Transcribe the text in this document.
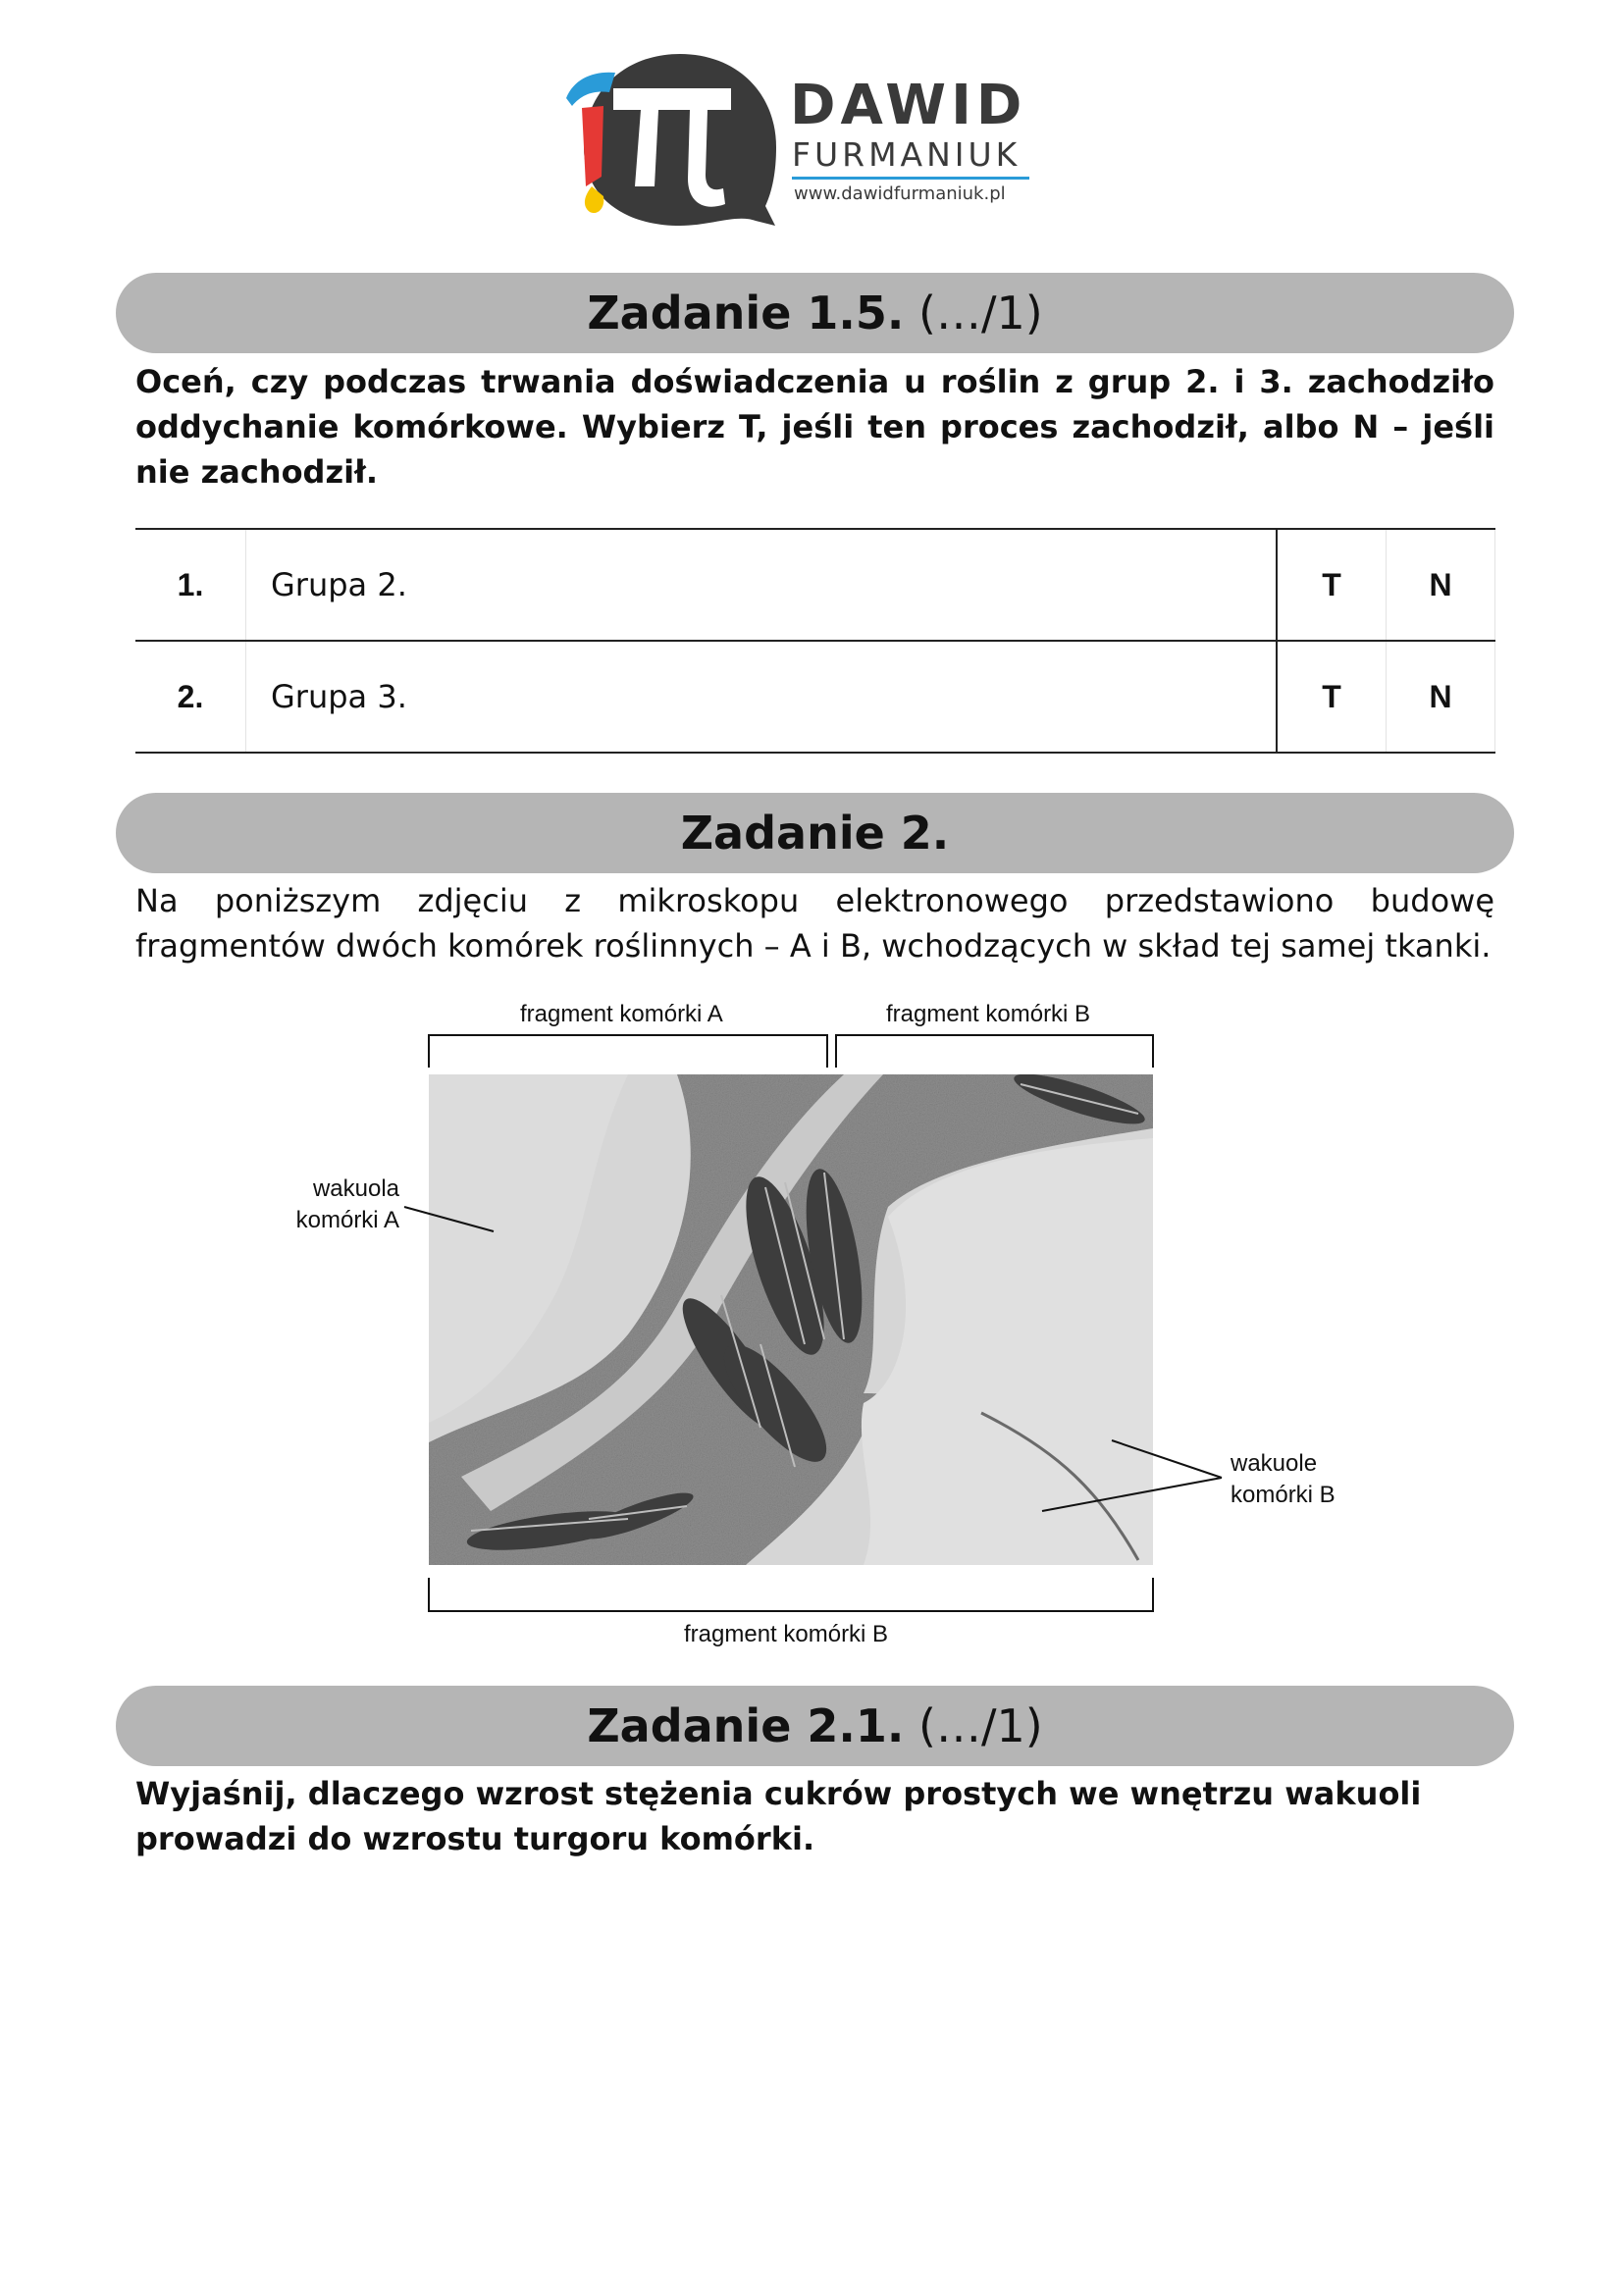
DAWID
FURMANIUK
www.dawidfurmaniuk.pl
Zadanie 1.5. (…/1)
Oceń, czy podczas trwania doświadczenia u roślin z grup 2. i 3. zachodziło oddychanie komórkowe. Wybierz T, jeśli ten proces zachodził, albo N – jeśli nie zachodził.
1.	Grupa 2.	T	N
2.	Grupa 3.	T	N
Zadanie 2.
Na poniższym zdjęciu z mikroskopu elektronowego przedstawiono budowę fragmentów dwóch komórek roślinnych – A i B, wchodzących w skład tej samej tkanki.
fragment komórki A	fragment komórki B
fragment komórki B
wakuola
komórki A
wakuole
komórki B
Zadanie 2.1. (…/1)
Wyjaśnij, dlaczego wzrost stężenia cukrów prostych we wnętrzu wakuoli prowadzi do wzrostu turgoru komórki.
